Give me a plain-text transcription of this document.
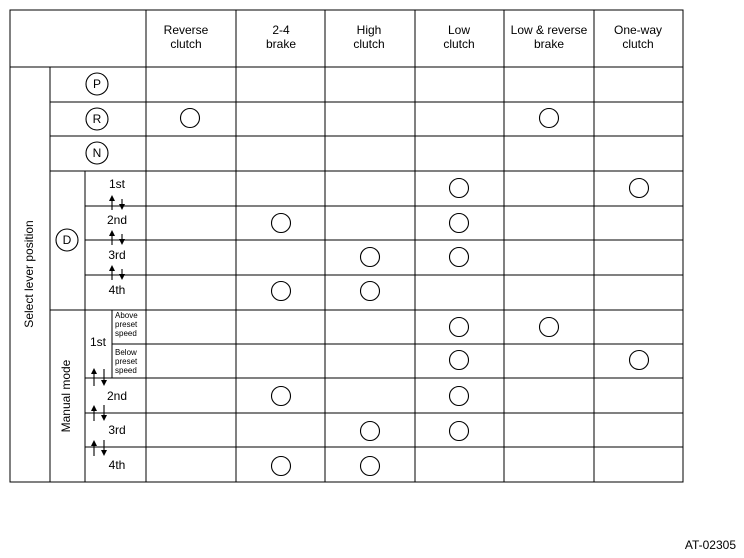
Reverse
clutch
2-4
brake
High
clutch
Low
clutch
Low & reverse
brake
One-way
clutch
Select lever position
Manual mode
P
R
N
D
1st
2nd
3rd
4th
1st
Above
preset
speed
Below
preset
speed
2nd
3rd
4th
AT-02305
